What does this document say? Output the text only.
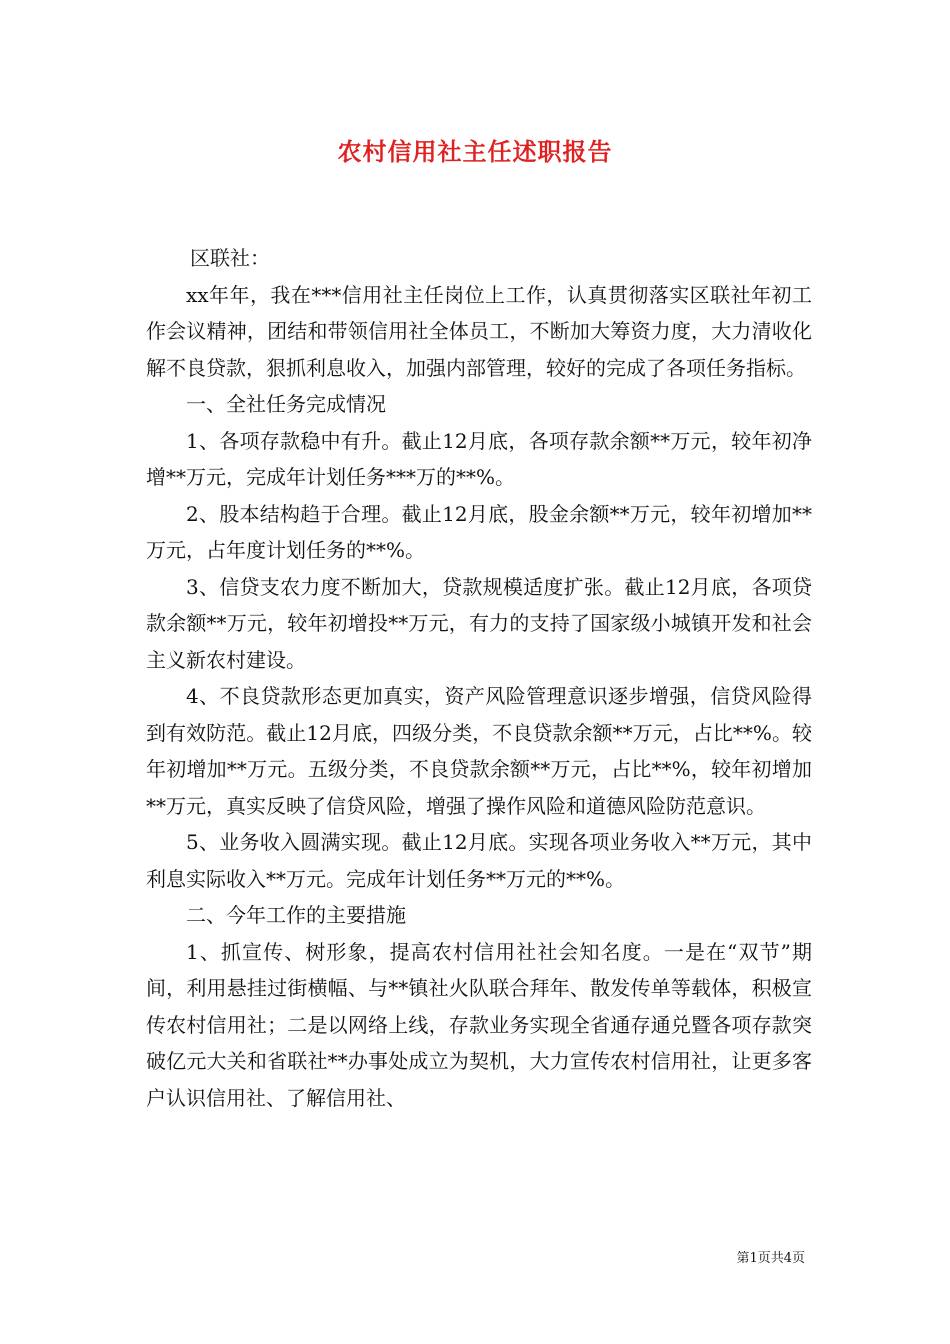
农村信用社主任述职报告

区联社：

xx年年，我在***信用社主任岗位上工作，认真贯彻落实区联社年初工作会议精神，团结和带领信用社全体员工，不断加大筹资力度，大力清收化解不良贷款，狠抓利息收入，加强内部管理，较好的完成了各项任务指标。

一、全社任务完成情况

1、各项存款稳中有升。截止12月底，各项存款余额**万元，较年初净增**万元，完成年计划任务***万的**%。

2、股本结构趋于合理。截止12月底，股金余额**万元，较年初增加**万元，占年度计划任务的**%。

3、信贷支农力度不断加大，贷款规模适度扩张。截止12月底，各项贷款余额**万元，较年初增投**万元，有力的支持了国家级小城镇开发和社会主义新农村建设。

4、不良贷款形态更加真实，资产风险管理意识逐步增强，信贷风险得到有效防范。截止12月底，四级分类，不良贷款余额**万元，占比**%。较年初增加**万元。五级分类，不良贷款余额**万元，占比**%，较年初增加**万元，真实反映了信贷风险，增强了操作风险和道德风险防范意识。

5、业务收入圆满实现。截止12月底。实现各项业务收入**万元，其中利息实际收入**万元。完成年计划任务**万元的**%。

二、今年工作的主要措施

1、抓宣传、树形象，提高农村信用社社会知名度。一是在“双节”期间，利用悬挂过街横幅、与**镇社火队联合拜年、散发传单等载体，积极宣传农村信用社；二是以网络上线，存款业务实现全省通存通兑暨各项存款突破亿元大关和省联社**办事处成立为契机，大力宣传农村信用社，让更多客户认识信用社、了解信用社、

第1页共4页
